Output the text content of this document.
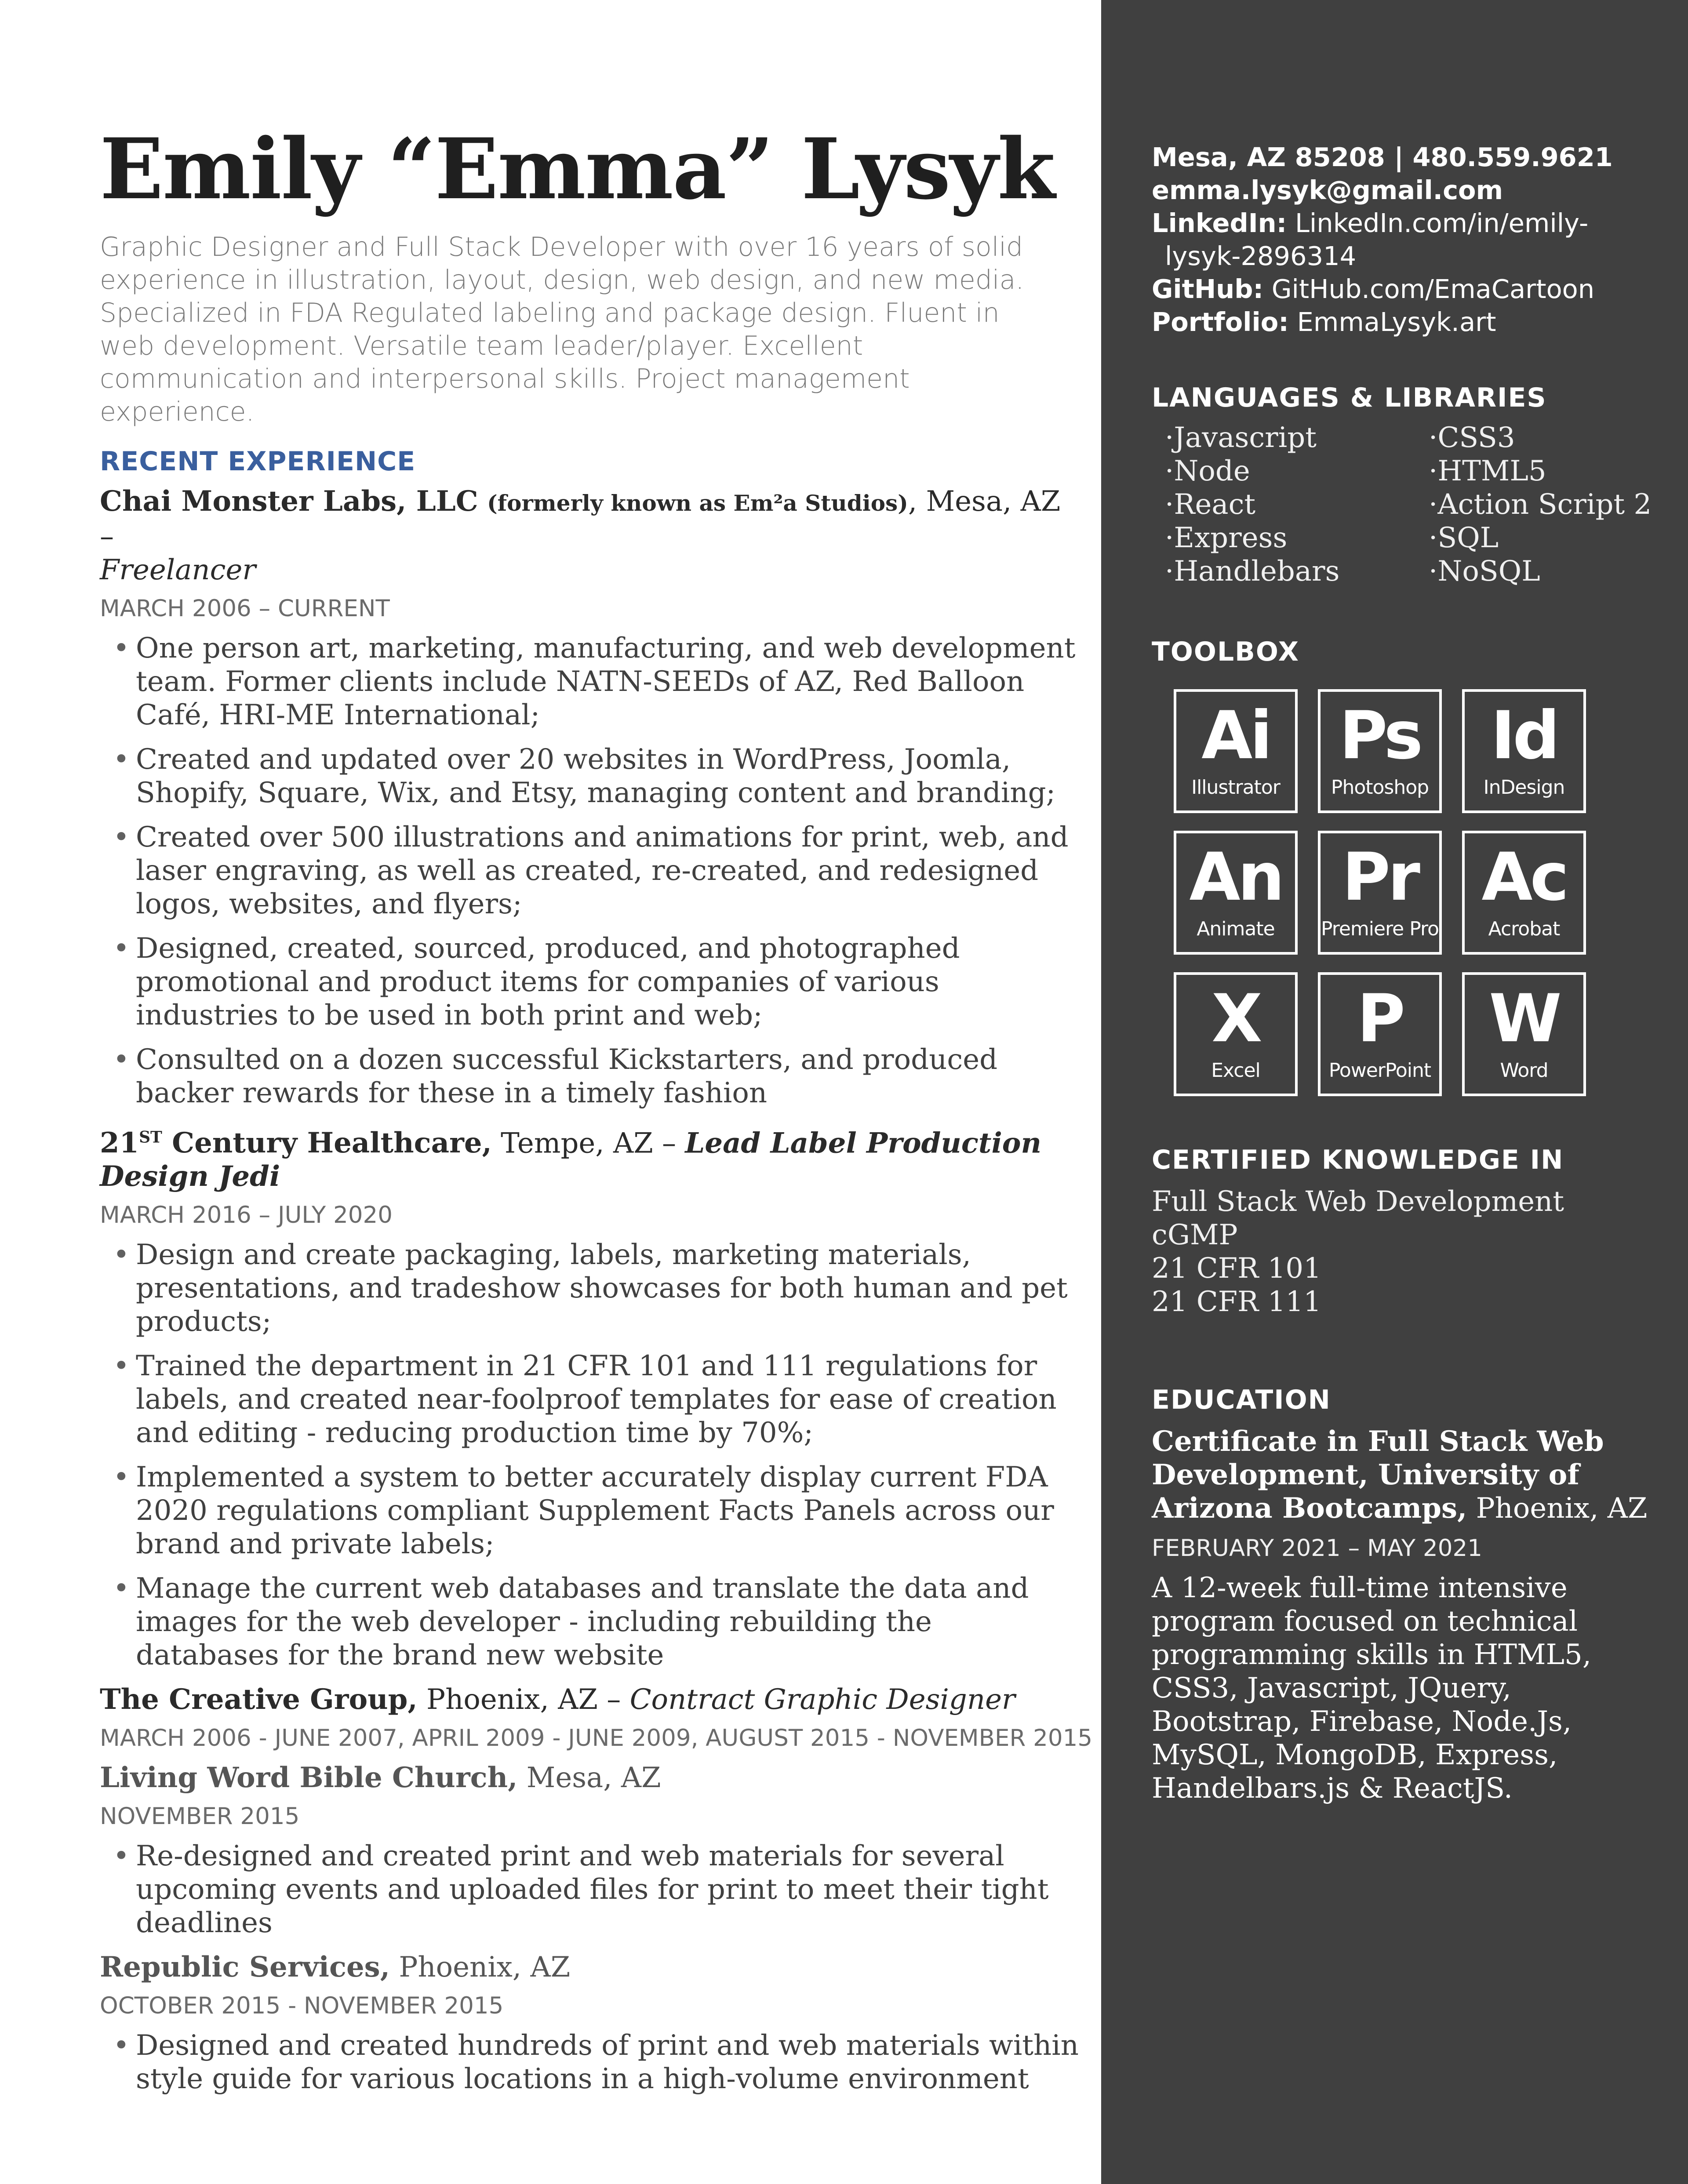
Emily “Emma” Lysyk

Graphic Designer and Full Stack Developer with over 16 years of solid experience in illustration, layout, design, web design, and new media. Specialized in FDA Regulated labeling and package design. Fluent in web development. Versatile team leader/player. Excellent communication and interpersonal skills. Project management experience.

RECENT EXPERIENCE

Chai Monster Labs, LLC (formerly known as Em²a Studios), Mesa, AZ –
Freelancer

MARCH 2006 – CURRENT
• One person art, marketing, manufacturing, and web development team. Former clients include NATN-SEEDs of AZ, Red Balloon Café, HRI-ME International;
• Created and updated over 20 websites in WordPress, Joomla, Shopify, Square, Wix, and Etsy, managing content and branding;
• Created over 500 illustrations and animations for print, web, and laser engraving, as well as created, re-created, and redesigned logos, websites, and flyers;
• Designed, created, sourced, produced, and photographed promotional and product items for companies of various industries to be used in both print and web;
• Consulted on a dozen successful Kickstarters, and produced backer rewards for these in a timely fashion

21ST Century Healthcare, Tempe, AZ – Lead Label Production Design Jedi

MARCH 2016 – JULY 2020
• Design and create packaging, labels, marketing materials, presentations, and tradeshow showcases for both human and pet products;
• Trained the department in 21 CFR 101 and 111 regulations for labels, and created near-foolproof templates for ease of creation and editing - reducing production time by 70%;
• Implemented a system to better accurately display current FDA 2020 regulations compliant Supplement Facts Panels across our brand and private labels;
• Manage the current web databases and translate the data and images for the web developer - including rebuilding the databases for the brand new website

The Creative Group, Phoenix, AZ – Contract Graphic Designer

MARCH 2006 - JUNE 2007, APRIL 2009 - JUNE 2009, AUGUST 2015 - NOVEMBER 2015

Living Word Bible Church, Mesa, AZ

NOVEMBER 2015
• Re-designed and created print and web materials for several upcoming events and uploaded files for print to meet their tight deadlines

Republic Services, Phoenix, AZ

OCTOBER 2015 - NOVEMBER 2015
• Designed and created hundreds of print and web materials within style guide for various locations in a high-volume environment
Mesa, AZ 85208 | 480.559.9621
emma.lysyk@gmail.com
LinkedIn: LinkedIn.com/in/emily-
lysyk-2896314
GitHub: GitHub.com/EmaCartoon
Portfolio: EmmaLysyk.art
LANGUAGES & LIBRARIES
·Javascript	·CSS3
·Node	·HTML5
·React	·Action Script 2
·Express	·SQL
·Handlebars	·NoSQL
TOOLBOX
Ai
Illustrator
Ps
Photoshop
Id
InDesign
An
Animate
Pr
Premiere Pro
Ac
Acrobat
X
Excel
P
PowerPoint
W
Word
CERTIFIED KNOWLEDGE IN
Full Stack Web Development
cGMP
21 CFR 101
21 CFR 111
EDUCATION
Certificate in Full Stack Web Development, University of Arizona Bootcamps, Phoenix, AZ
FEBRUARY 2021 – MAY 2021
A 12-week full-time intensive program focused on technical programming skills in HTML5, CSS3, Javascript, JQuery, Bootstrap, Firebase, Node.Js, MySQL, MongoDB, Express, Handelbars.js & ReactJS.
